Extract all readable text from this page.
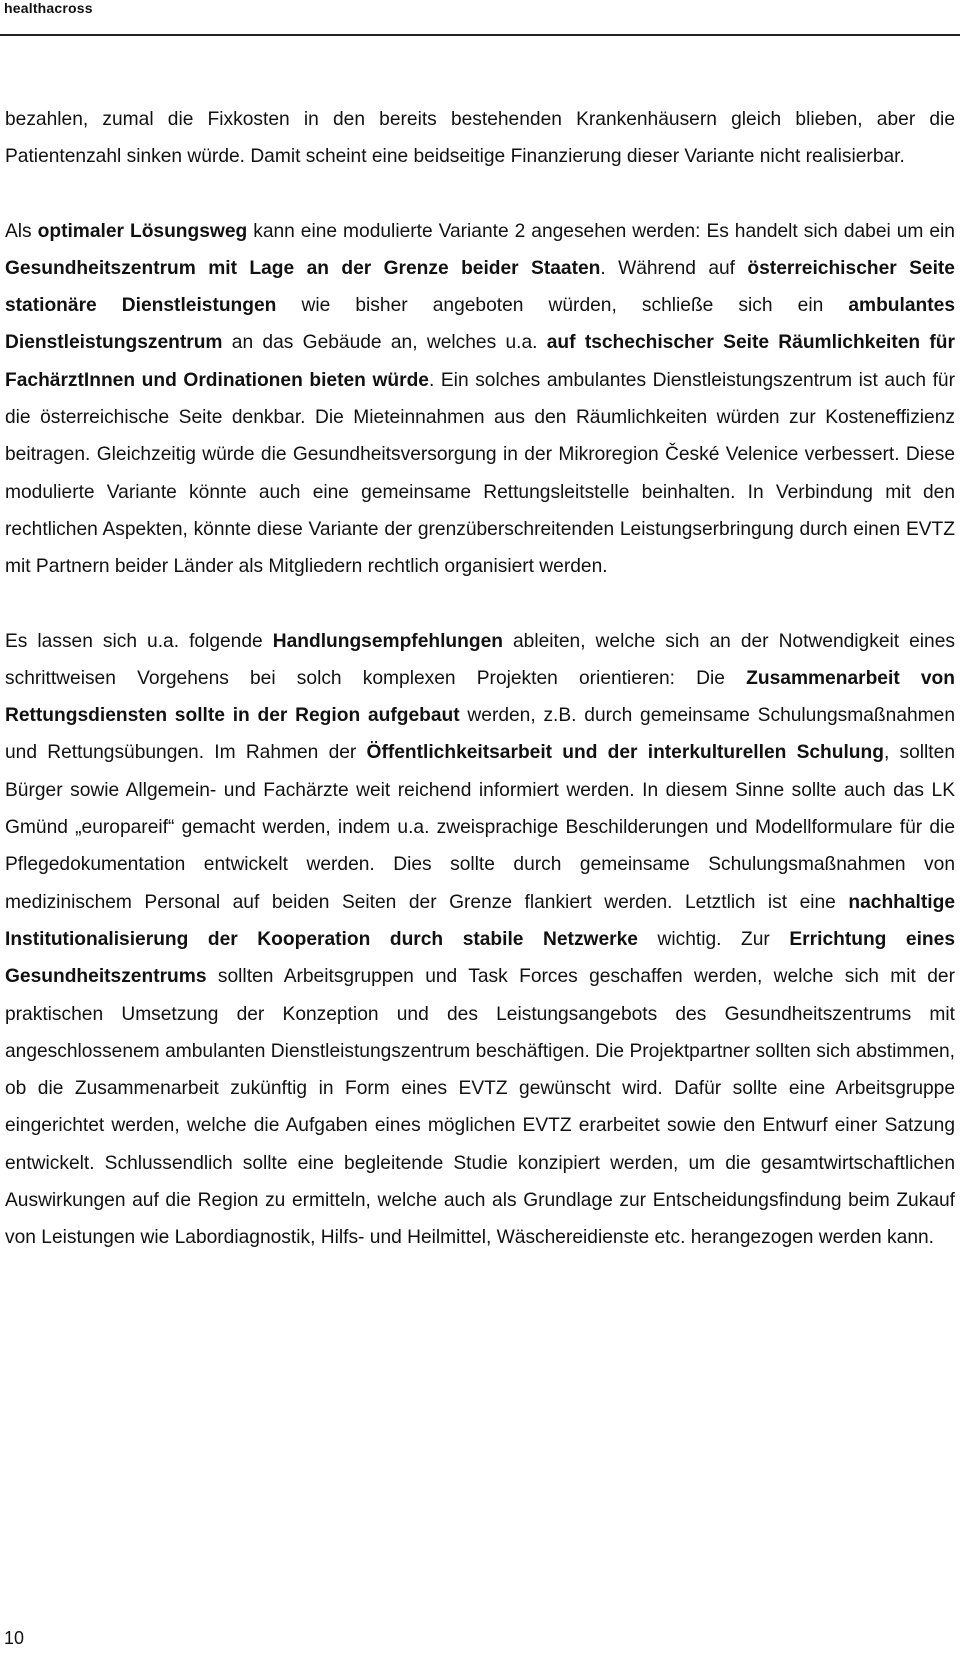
healthacross

bezahlen, zumal die Fixkosten in den bereits bestehenden Krankenhäusern gleich blieben, aber die Patientenzahl sinken würde. Damit scheint eine beidseitige Finanzierung dieser Variante nicht realisierbar.

Als optimaler Lösungsweg kann eine modulierte Variante 2 angesehen werden: Es handelt sich dabei um ein Gesundheitszentrum mit Lage an der Grenze beider Staaten. Während auf österreichischer Seite stationäre Dienstleistungen wie bisher angeboten würden, schließe sich ein ambulantes Dienstleistungszentrum an das Gebäude an, welches u.a. auf tschechischer Seite Räumlichkeiten für FachärztInnen und Ordinationen bieten würde. Ein solches ambulantes Dienstleistungszentrum ist auch für die österreichische Seite denkbar. Die Mieteinnahmen aus den Räumlichkeiten würden zur Kosteneffizienz beitragen. Gleichzeitig würde die Gesundheitsversorgung in der Mikroregion České Velenice verbessert. Diese modulierte Variante könnte auch eine gemeinsame Rettungsleitstelle beinhalten. In Verbindung mit den rechtlichen Aspekten, könnte diese Variante der grenzüberschreitenden Leistungserbringung durch einen EVTZ mit Partnern beider Länder als Mitgliedern rechtlich organisiert werden.

Es lassen sich u.a. folgende Handlungsempfehlungen ableiten, welche sich an der Notwendigkeit eines schrittweisen Vorgehens bei solch komplexen Projekten orientieren: Die Zusammenarbeit von Rettungsdiensten sollte in der Region aufgebaut werden, z.B. durch gemeinsame Schulungsmaßnahmen und Rettungsübungen. Im Rahmen der Öffentlichkeitsarbeit und der interkulturellen Schulung, sollten Bürger sowie Allgemein- und Fachärzte weit reichend informiert werden. In diesem Sinne sollte auch das LK Gmünd „europareif“ gemacht werden, indem u.a. zweisprachige Beschilderungen und Modellformulare für die Pflegedokumentation entwickelt werden. Dies sollte durch gemeinsame Schulungsmaßnahmen von medizinischem Personal auf beiden Seiten der Grenze flankiert werden. Letztlich ist eine nachhaltige Institutionalisierung der Kooperation durch stabile Netzwerke wichtig. Zur Errichtung eines Gesundheitszentrums sollten Arbeitsgruppen und Task Forces geschaffen werden, welche sich mit der praktischen Umsetzung der Konzeption und des Leistungsangebots des Gesundheitszentrums mit angeschlossenem ambulanten Dienstleistungszentrum beschäftigen. Die Projektpartner sollten sich abstimmen, ob die Zusammenarbeit zukünftig in Form eines EVTZ gewünscht wird. Dafür sollte eine Arbeitsgruppe eingerichtet werden, welche die Aufgaben eines möglichen EVTZ erarbeitet sowie den Entwurf einer Satzung entwickelt. Schlussendlich sollte eine begleitende Studie konzipiert werden, um die gesamtwirtschaftlichen Auswirkungen auf die Region zu ermitteln, welche auch als Grundlage zur Entscheidungsfindung beim Zukauf von Leistungen wie Labordiagnostik, Hilfs- und Heilmittel, Wäschereidienste etc. herangezogen werden kann.

10
